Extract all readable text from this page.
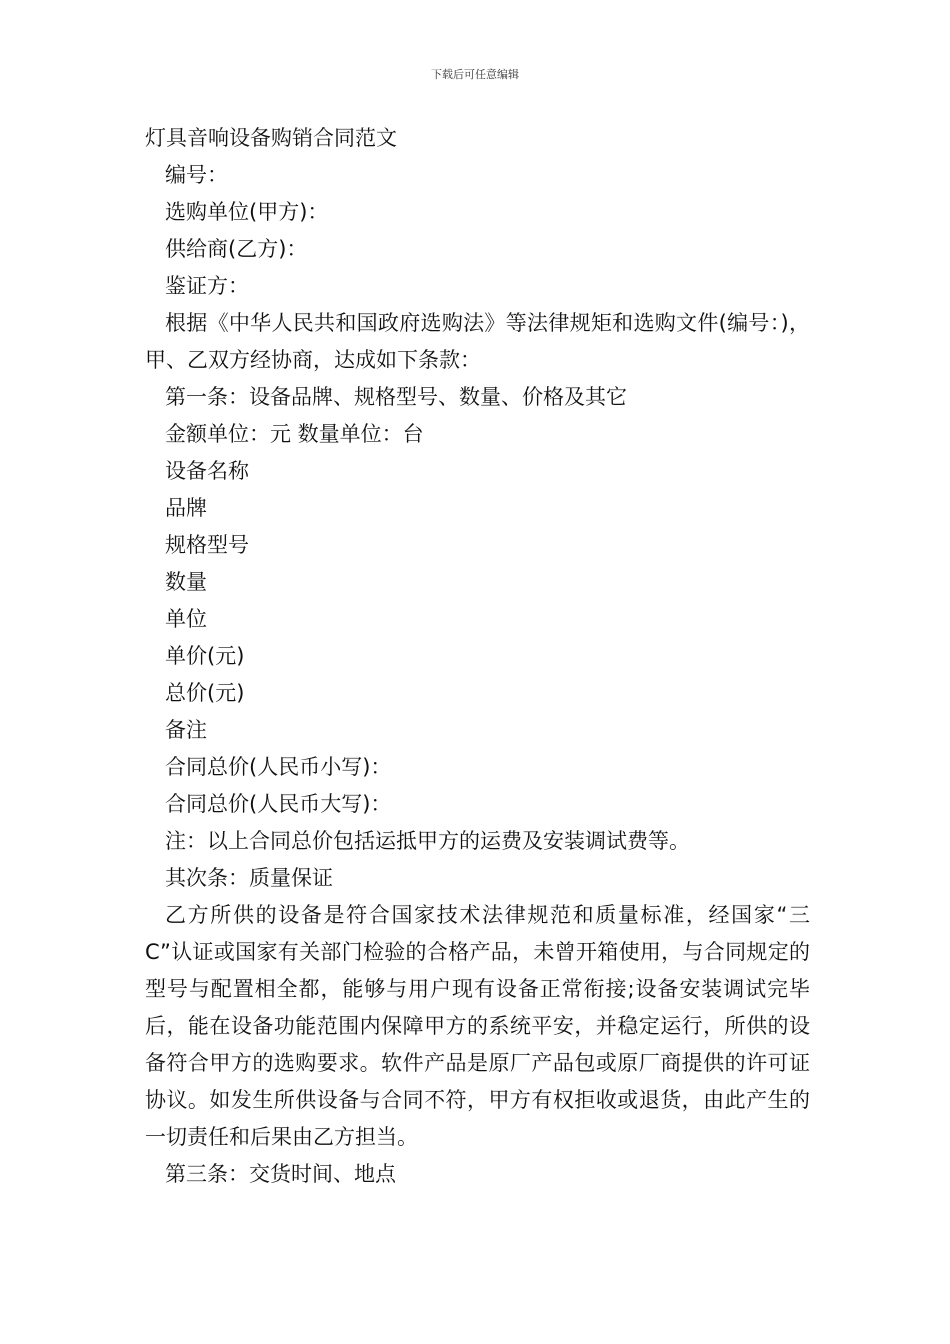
下载后可任意编辑
灯具音响设备购销合同范文
编号：
选购单位(甲方)：
供给商(乙方)：
鉴证方：

根据《中华人民共和国政府选购法》等法律规矩和选购文件(编号：)，甲、乙双方经协商，达成如下条款：

第一条：设备品牌、规格型号、数量、价格及其它
金额单位：元 数量单位：台
设备名称
品牌
规格型号
数量
单位
单价(元)
总价(元)
备注
合同总价(人民币小写)：
合同总价(人民币大写)：
注：以上合同总价包括运抵甲方的运费及安装调试费等。
其次条：质量保证

乙方所供的设备是符合国家技术法律规范和质量标准，经国家“三C”认证或国家有关部门检验的合格产品，未曾开箱使用，与合同规定的型号与配置相全都，能够与用户现有设备正常衔接;设备安装调试完毕后，能在设备功能范围内保障甲方的系统平安，并稳定运行，所供的设备符合甲方的选购要求。软件产品是原厂产品包或原厂商提供的许可证协议。如发生所供设备与合同不符，甲方有权拒收或退货，由此产生的一切责任和后果由乙方担当。

第三条：交货时间、地点
